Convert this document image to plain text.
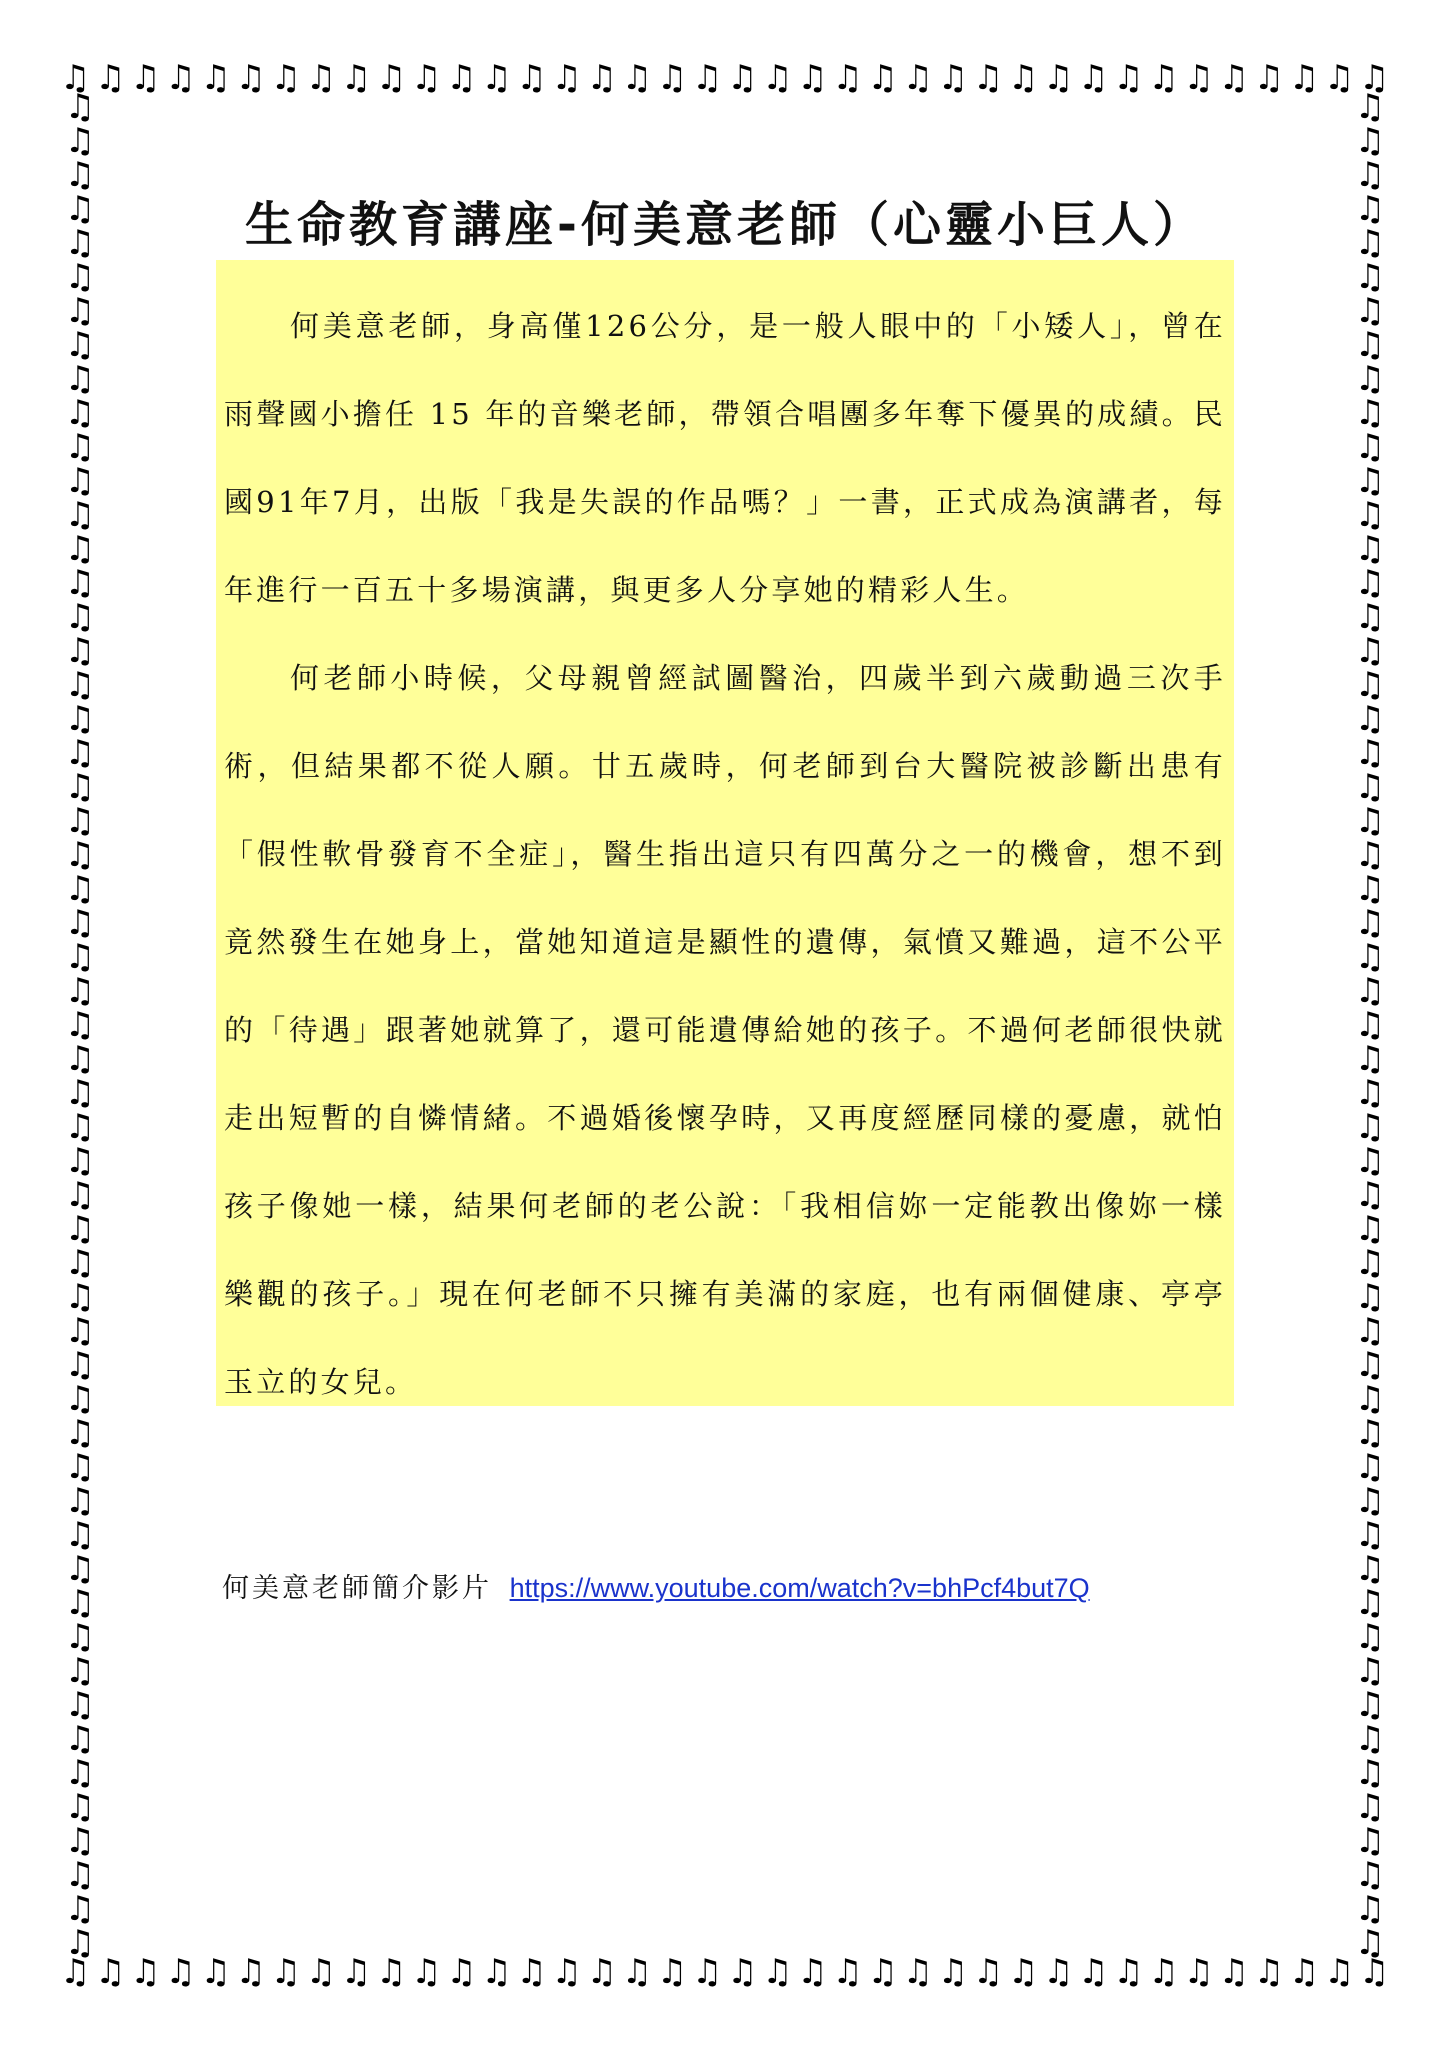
♫ ♫ ♫ ♫ ♫ ♫ ♫ ♫ ♫ ♫ ♫ ♫ ♫ ♫ ♫ ♫ ♫ ♫ ♫ ♫ ♫ ♫ ♫ ♫ ♫ ♫ ♫ ♫ ♫ ♫ ♫ ♫ ♫ ♫ ♫ ♫ ♫ ♫
♫ ♫ ♫ ♫ ♫ ♫ ♫ ♫ ♫ ♫ ♫ ♫ ♫ ♫ ♫ ♫ ♫ ♫ ♫ ♫ ♫ ♫ ♫ ♫ ♫ ♫ ♫ ♫ ♫ ♫ ♫ ♫ ♫ ♫ ♫ ♫ ♫ ♫
♫
♫
♫
♫
♫
♫
♫
♫
♫
♫
♫
♫
♫
♫
♫
♫
♫
♫
♫
♫
♫
♫
♫
♫
♫
♫
♫
♫
♫
♫
♫
♫
♫
♫
♫
♫
♫
♫
♫
♫
♫
♫
♫
♫
♫
♫
♫
♫
♫
♫
♫
♫
♫
♫
♫
♫
♫
♫
♫
♫
♫
♫
♫
♫
♫
♫
♫
♫
♫
♫
♫
♫
♫
♫
♫
♫
♫
♫
♫
♫
♫
♫
♫
♫
♫
♫
♫
♫
♫
♫
♫
♫
♫
♫
♫
♫
♫
♫
♫
♫
♫
♫
♫
♫
♫
♫
♫
♫
♫
♫
生命教育講座-何美意老師（心靈小巨人）

何美意老師，身高僅126公分，是一般人眼中的「小矮人」，曾在雨聲國小擔任 15 年的音樂老師，帶領合唱團多年奪下優異的成績。民國91年7月，出版「我是失誤的作品嗎？」一書，正式成為演講者，每年進行一百五十多場演講，與更多人分享她的精彩人生。

何老師小時候，父母親曾經試圖醫治，四歲半到六歲動過三次手術，但結果都不從人願。廿五歲時，何老師到台大醫院被診斷出患有「假性軟骨發育不全症」，醫生指出這只有四萬分之一的機會，想不到竟然發生在她身上，當她知道這是顯性的遺傳，氣憤又難過，這不公平的「待遇」跟著她就算了，還可能遺傳給她的孩子。不過何老師很快就走出短暫的自憐情緒。不過婚後懷孕時，又再度經歷同樣的憂慮，就怕孩子像她一樣，結果何老師的老公說：「我相信妳一定能教出像妳一樣樂觀的孩子。」現在何老師不只擁有美滿的家庭，也有兩個健康、亭亭玉立的女兒。

何美意老師簡介影片 https://www.youtube.com/watch?v=bhPcf4but7Q
